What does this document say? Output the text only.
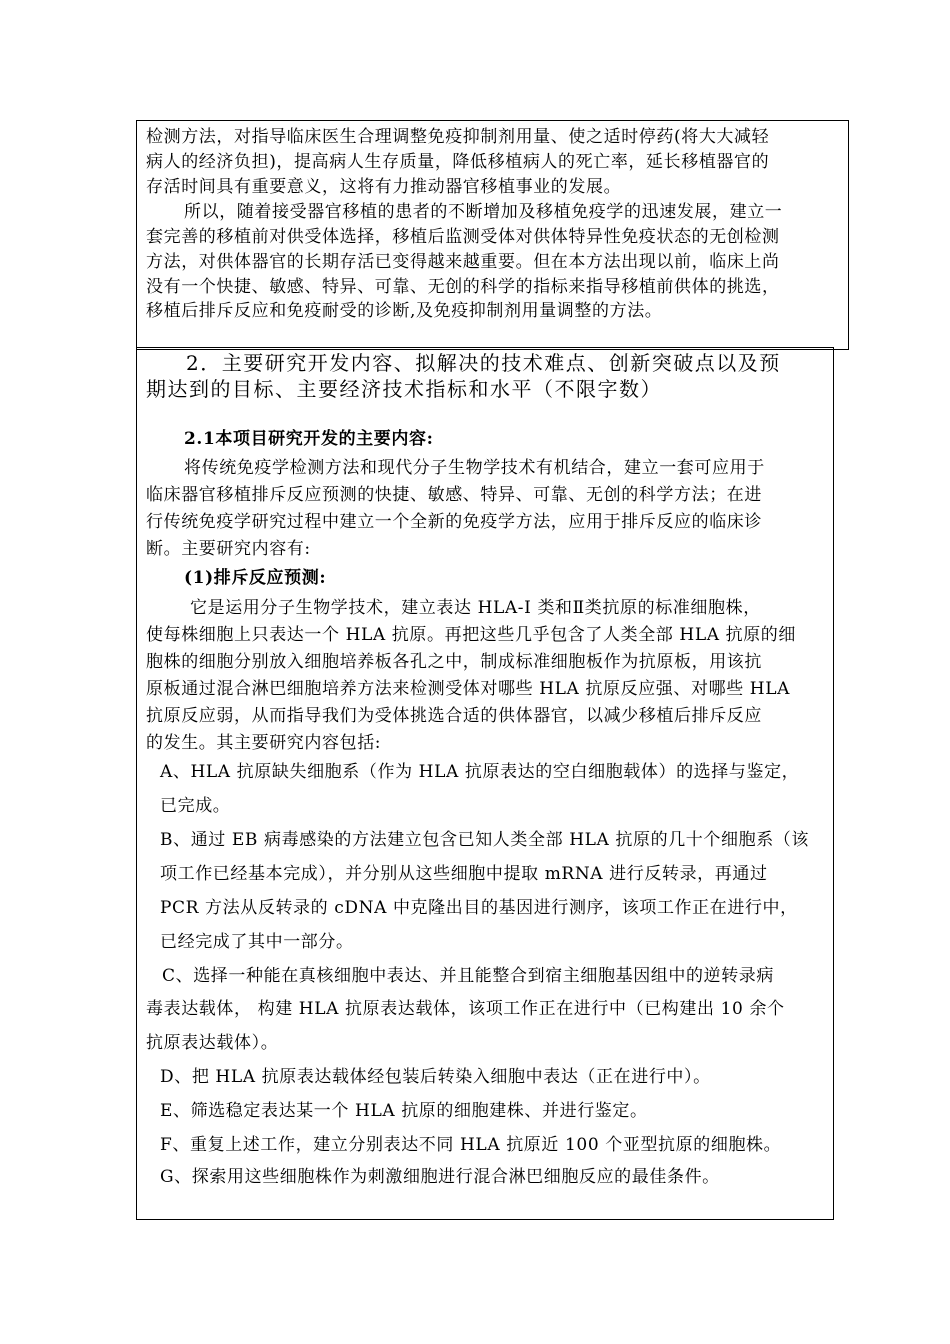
检测方法，对指导临床医生合理调整免疫抑制剂用量、使之适时停药(将大大减轻
病人的经济负担)，提高病人生存质量，降低移植病人的死亡率，延长移植器官的
存活时间具有重要意义，这将有力推动器官移植事业的发展。
所以，随着接受器官移植的患者的不断增加及移植免疫学的迅速发展，建立一
套完善的移植前对供受体选择，移植后监测受体对供体特异性免疫状态的无创检测
方法，对供体器官的长期存活已变得越来越重要。但在本方法出现以前，临床上尚
没有一个快捷、敏感、特异、可靠、无创的科学的指标来指导移植前供体的挑选，
移植后排斥反应和免疫耐受的诊断,及免疫抑制剂用量调整的方法。
2．主要研究开发内容、拟解决的技术难点、创新突破点以及预
期达到的目标、主要经济技术指标和水平（不限字数）
2.1本项目研究开发的主要内容:
将传统免疫学检测方法和现代分子生物学技术有机结合，建立一套可应用于
临床器官移植排斥反应预测的快捷、敏感、特异、可靠、无创的科学方法；在进
行传统免疫学研究过程中建立一个全新的免疫学方法，应用于排斥反应的临床诊
断。主要研究内容有:
(1)排斥反应预测:
它是运用分子生物学技术，建立表达 HLA-Ⅰ 类和Ⅱ类抗原的标准细胞株，
使每株细胞上只表达一个 HLA 抗原。再把这些几乎包含了人类全部 HLA 抗原的细
胞株的细胞分别放入细胞培养板各孔之中，制成标准细胞板作为抗原板，用该抗
原板通过混合淋巴细胞培养方法来检测受体对哪些 HLA 抗原反应强、对哪些 HLA
抗原反应弱，从而指导我们为受体挑选合适的供体器官，以减少移植后排斥反应
的发生。其主要研究内容包括:
A、HLA 抗原缺失细胞系（作为 HLA 抗原表达的空白细胞载体）的选择与鉴定，
已完成。
B、通过 EB 病毒感染的方法建立包含已知人类全部 HLA 抗原的几十个细胞系（该
项工作已经基本完成），并分别从这些细胞中提取 mRNA 进行反转录，再通过
PCR 方法从反转录的 cDNA 中克隆出目的基因进行测序，该项工作正在进行中，
已经完成了其中一部分。
C、选择一种能在真核细胞中表达、并且能整合到宿主细胞基因组中的逆转录病
毒表达载体， 构建 HLA 抗原表达载体，该项工作正在进行中（已构建出 10 余个
抗原表达载体）。
D、把 HLA 抗原表达载体经包装后转染入细胞中表达（正在进行中）。
E、筛选稳定表达某一个 HLA 抗原的细胞建株、并进行鉴定。
F、重复上述工作，建立分别表达不同 HLA 抗原近 100 个亚型抗原的细胞株。
G、探索用这些细胞株作为刺激细胞进行混合淋巴细胞反应的最佳条件。
